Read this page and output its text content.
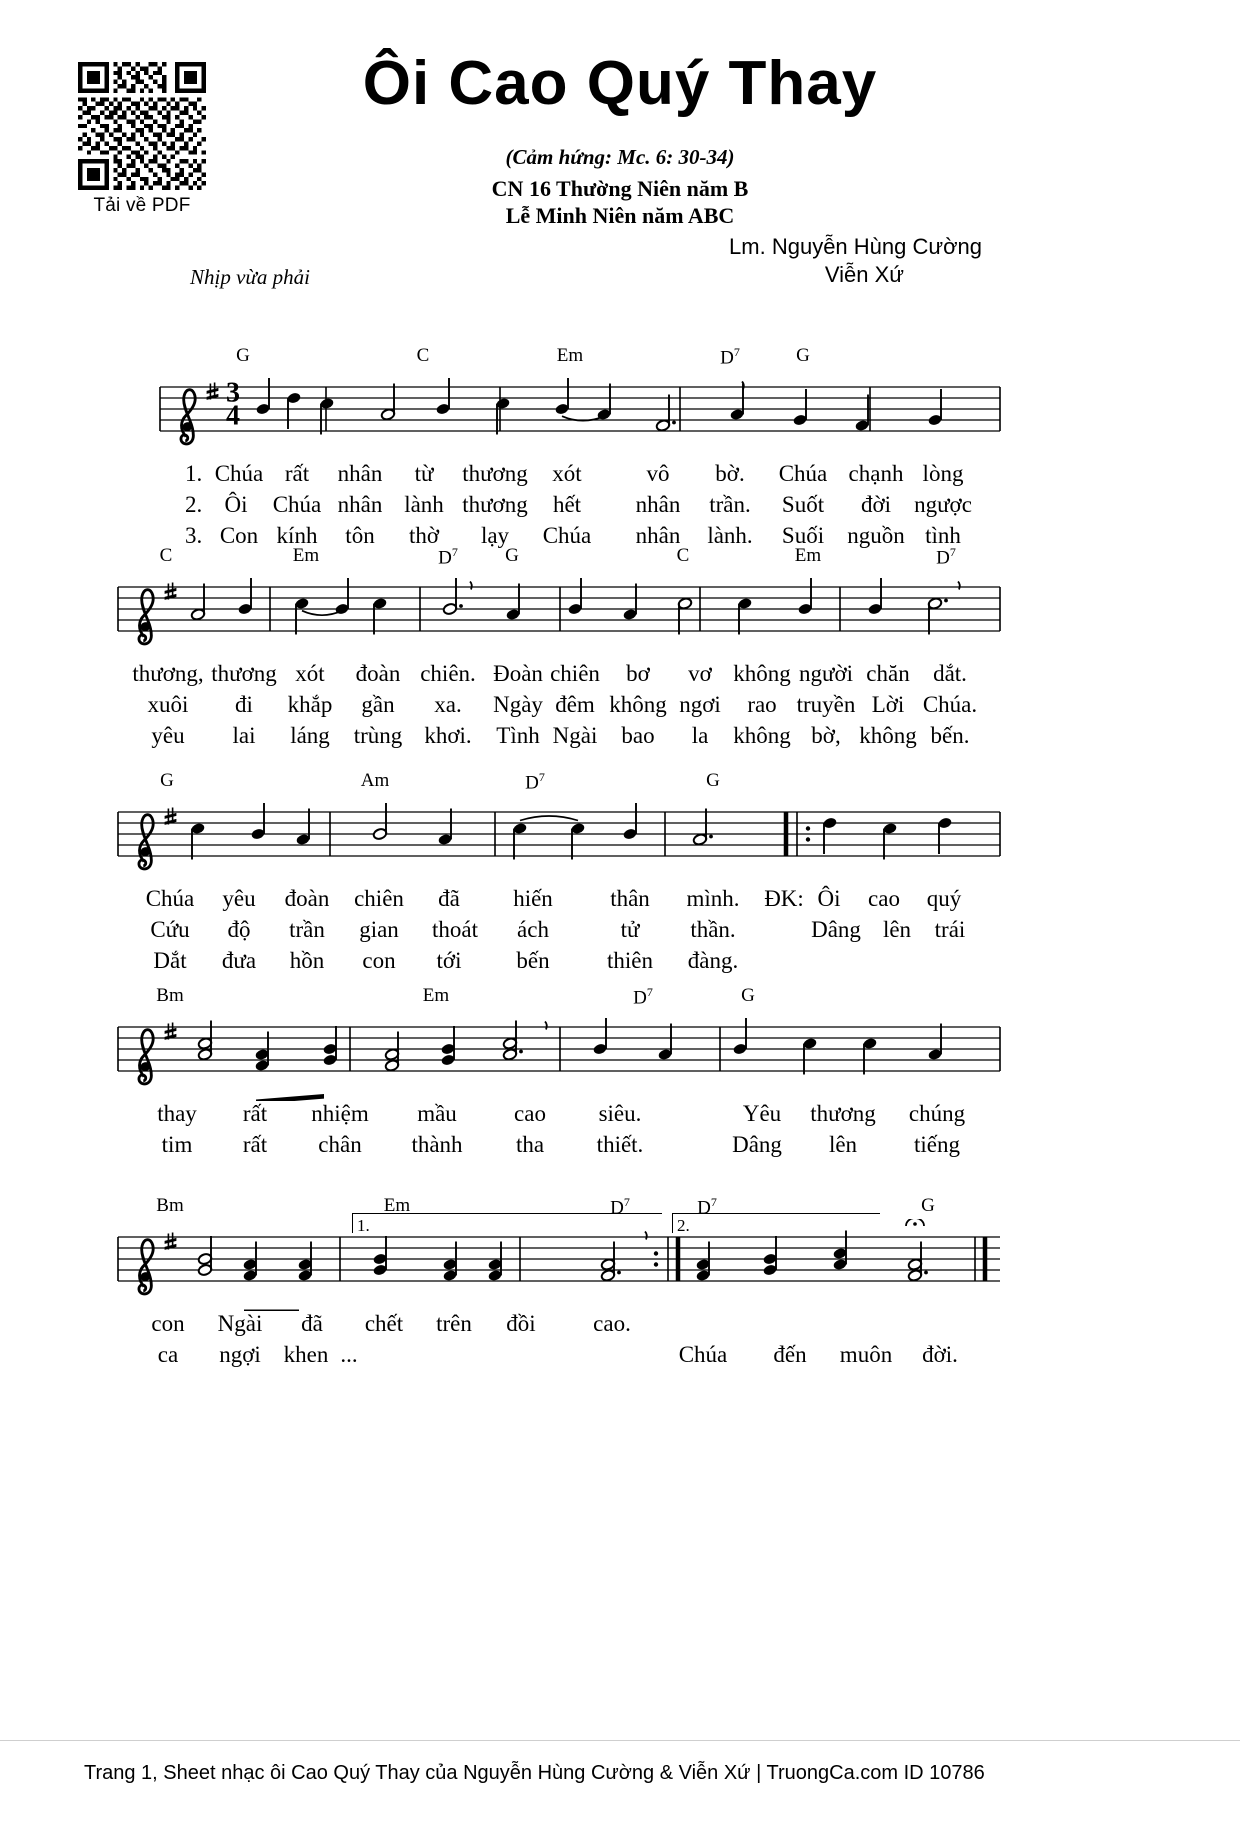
Tải về PDF
Ôi Cao Quý Thay
(Cảm hứng: Mc. 6: 30-34)
CN 16 Thường Niên năm B
Lễ Minh Niên năm ABC
Lm. Nguyễn Hùng Cường
Viễn Xứ
Nhịp vừa phải
G	C	Em	$D^7$	G
3
4
1. Chúa rất nhân từ thương xót	vô bờ. Chúa chạnh lòng
2. Ôi Chúa nhân lành thương hết nhân trần. Suốt đời ngược
3. Con kính tôn thờ lạy Chúa nhân lành. Suối nguồn tình
C	Em	$D^7$ G	C	Em	$D^7$
thương, thương xót đoàn chiên. Đoàn chiên bơ vơ không người chăn dắt.
xuôi đi khắp gần xa. Ngày đêm không ngơi rao truyền Lời Chúa.
yêu lai láng trùng khơi. Tình Ngài bao la không bờ, không bến.
G	Am	$D^7$	G
Chúa yêu đoàn chiên đã hiến thân mình. ĐK: Ôi cao quý
Cứu độ trần gian thoát ách	tử thần.	Dâng lên trái
Dắt đưa hồn con tới bến thiên đàng.
Bm	Em	$D^7$	G
thay rất nhiệm mầu cao siêu.	Yêu thương chúng
tim rất chân thành tha thiết.	Dâng lên tiếng
Bm	Em	$D^7$	$D^7$	G
1.	2.
con Ngài đã chết trên đồi cao.
ca ngợi khen ...	Chúa đến muôn đời.
Trang 1, Sheet nhạc ôi Cao Quý Thay của Nguyễn Hùng Cường & Viễn Xứ | TruongCa.com ID 10786
